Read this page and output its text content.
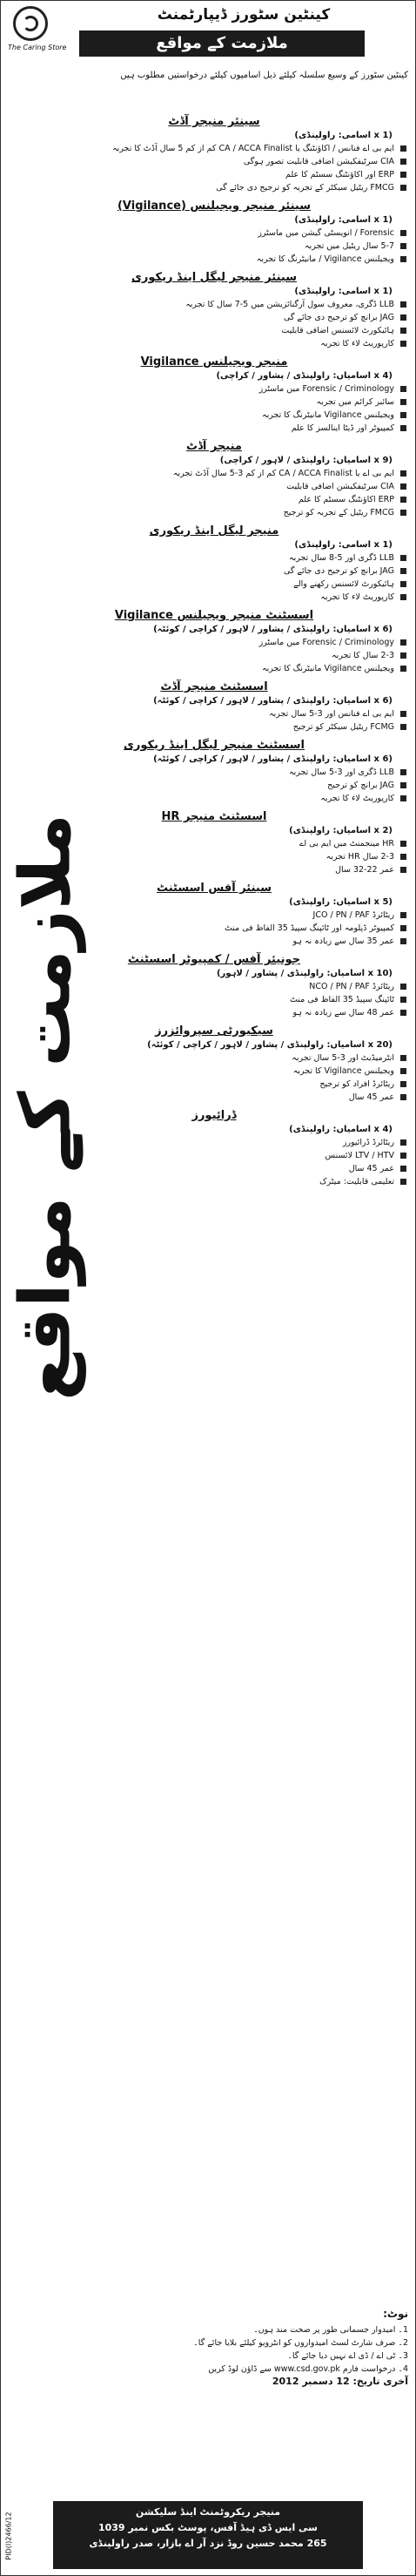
The Caring Store
کینٹین سٹورز ڈیپارٹمنٹ
ملازمت کے مواقع
کینٹین سٹورز کے وسیع سلسلہ کیلئے ذیل اسامیوں کیلئے درخواستیں مطلوب ہیں
ملازمت کے مواقع
سینئر منیجر آڈٹ
(1 x اسامی: راولپنڈی)
ایم بی اے فنانس / اکاؤنٹنگ یا CA / ACCA Finalist کم از کم 5 سال آڈٹ کا تجربہ
CIA سرٹیفکیشن اضافی قابلیت تصور ہوگی
ERP اور اکاؤنٹنگ سسٹم کا علم
FMCG ریٹیل سیکٹر کے تجربہ کو ترجیح دی جائے گی
سینئر منیجر ویجیلنس (Vigilance)
(1 x اسامی: راولپنڈی)
Forensic / انویسٹی گیشن میں ماسٹرز
5-7 سال ریٹیل میں تجربہ
ویجیلنس Vigilance / مانیٹرنگ کا تجربہ
سینئر منیجر لیگل اینڈ ریکوری
(1 x اسامی: راولپنڈی)
LLB ڈگری، معروف سول آرگنائزیشن میں 5-7 سال کا تجربہ
JAG برانچ کو ترجیح دی جائے گی
ہائیکورٹ لائسنس اضافی قابلیت
کارپوریٹ لاء کا تجربہ
منیجر ویجیلنس Vigilance
(4 x اسامیاں: راولپنڈی / پشاور / کراچی)
Forensic / Criminology میں ماسٹرز
سائبر کرائم میں تجربہ
ویجیلنس Vigilance مانیٹرنگ کا تجربہ
کمپیوٹر اور ڈیٹا اینالسز کا علم
منیجر آڈٹ
(9 x اسامیاں: راولپنڈی / لاہور / کراچی)
ایم بی اے یا CA / ACCA Finalist کم از کم 3-5 سال آڈٹ تجربہ
CIA سرٹیفکیشن اضافی قابلیت
ERP اکاؤنٹنگ سسٹم کا علم
FMCG ریٹیل کے تجربہ کو ترجیح
منیجر لیگل اینڈ ریکوری
(1 x اسامی: راولپنڈی)
LLB ڈگری اور 5-8 سال تجربہ
JAG برانچ کو ترجیح دی جائے گی
ہائیکورٹ لائسنس رکھنے والے
کارپوریٹ لاء کا تجربہ
اسسٹنٹ منیجر ویجیلنس Vigilance
(6 x اسامیاں: راولپنڈی / پشاور / لاہور / کراچی / کوئٹہ)
Forensic / Criminology میں ماسٹرز
2-3 سال کا تجربہ
ویجیلنس Vigilance مانیٹرنگ کا تجربہ
اسسٹنٹ منیجر آڈٹ
(6 x اسامیاں: راولپنڈی / پشاور / لاہور / کراچی / کوئٹہ)
ایم بی اے فنانس اور 3-5 سال تجربہ
FCMG ریٹیل سیکٹر کو ترجیح
اسسٹنٹ منیجر لیگل اینڈ ریکوری
(6 x اسامیاں: راولپنڈی / پشاور / لاہور / کراچی / کوئٹہ)
LLB ڈگری اور 3-5 سال تجربہ
JAG برانچ کو ترجیح
کارپوریٹ لاء کا تجربہ
اسسٹنٹ منیجر HR
(2 x اسامیاں: راولپنڈی)
HR مینجمنٹ میں ایم بی اے
2-3 سال HR تجربہ
عمر 22-32 سال
سینئر آفس اسسٹنٹ
(5 x اسامیاں: راولپنڈی)
ریٹائرڈ JCO / PN / PAF
کمپیوٹر ڈپلومہ اور ٹائپنگ سپیڈ 35 الفاظ فی منٹ
عمر 35 سال سے زیادہ نہ ہو
جونیئر آفس / کمپیوٹر اسسٹنٹ
(10 x اسامیاں: راولپنڈی / پشاور / لاہور)
ریٹائرڈ NCO / PN / PAF
ٹائپنگ سپیڈ 35 الفاظ فی منٹ
عمر 48 سال سے زیادہ نہ ہو
سیکیورٹی سپروائزرز
(20 x اسامیاں: راولپنڈی / پشاور / لاہور / کراچی / کوئٹہ)
انٹرمیڈیٹ اور 3-5 سال تجربہ
ویجیلنس Vigilance کا تجربہ
ریٹائرڈ افراد کو ترجیح
عمر 45 سال
ڈرائیورز
(4 x اسامیاں: راولپنڈی)
ریٹائرڈ ڈرائیورز
LTV / HTV لائسنس
عمر 45 سال
تعلیمی قابلیت: میٹرک
نوٹ:
1۔ امیدوار جسمانی طور پر صحت مند ہوں۔
2۔ صرف شارٹ لسٹ امیدواروں کو انٹرویو کیلئے بلایا جائے گا۔
3۔ ٹی اے / ڈی اے نہیں دیا جائے گا۔
4۔ درخواست فارم www.csd.gov.pk سے ڈاؤن لوڈ کریں
آخری تاریخ: 12 دسمبر 2012
منیجر ریکروٹمنٹ اینڈ سلیکشن
سی ایس ڈی ہیڈ آفس، پوسٹ بکس نمبر 1039
265 محمد حسین روڈ نزد آر اے بازار، صدر راولپنڈی
PID(I)2466/12
